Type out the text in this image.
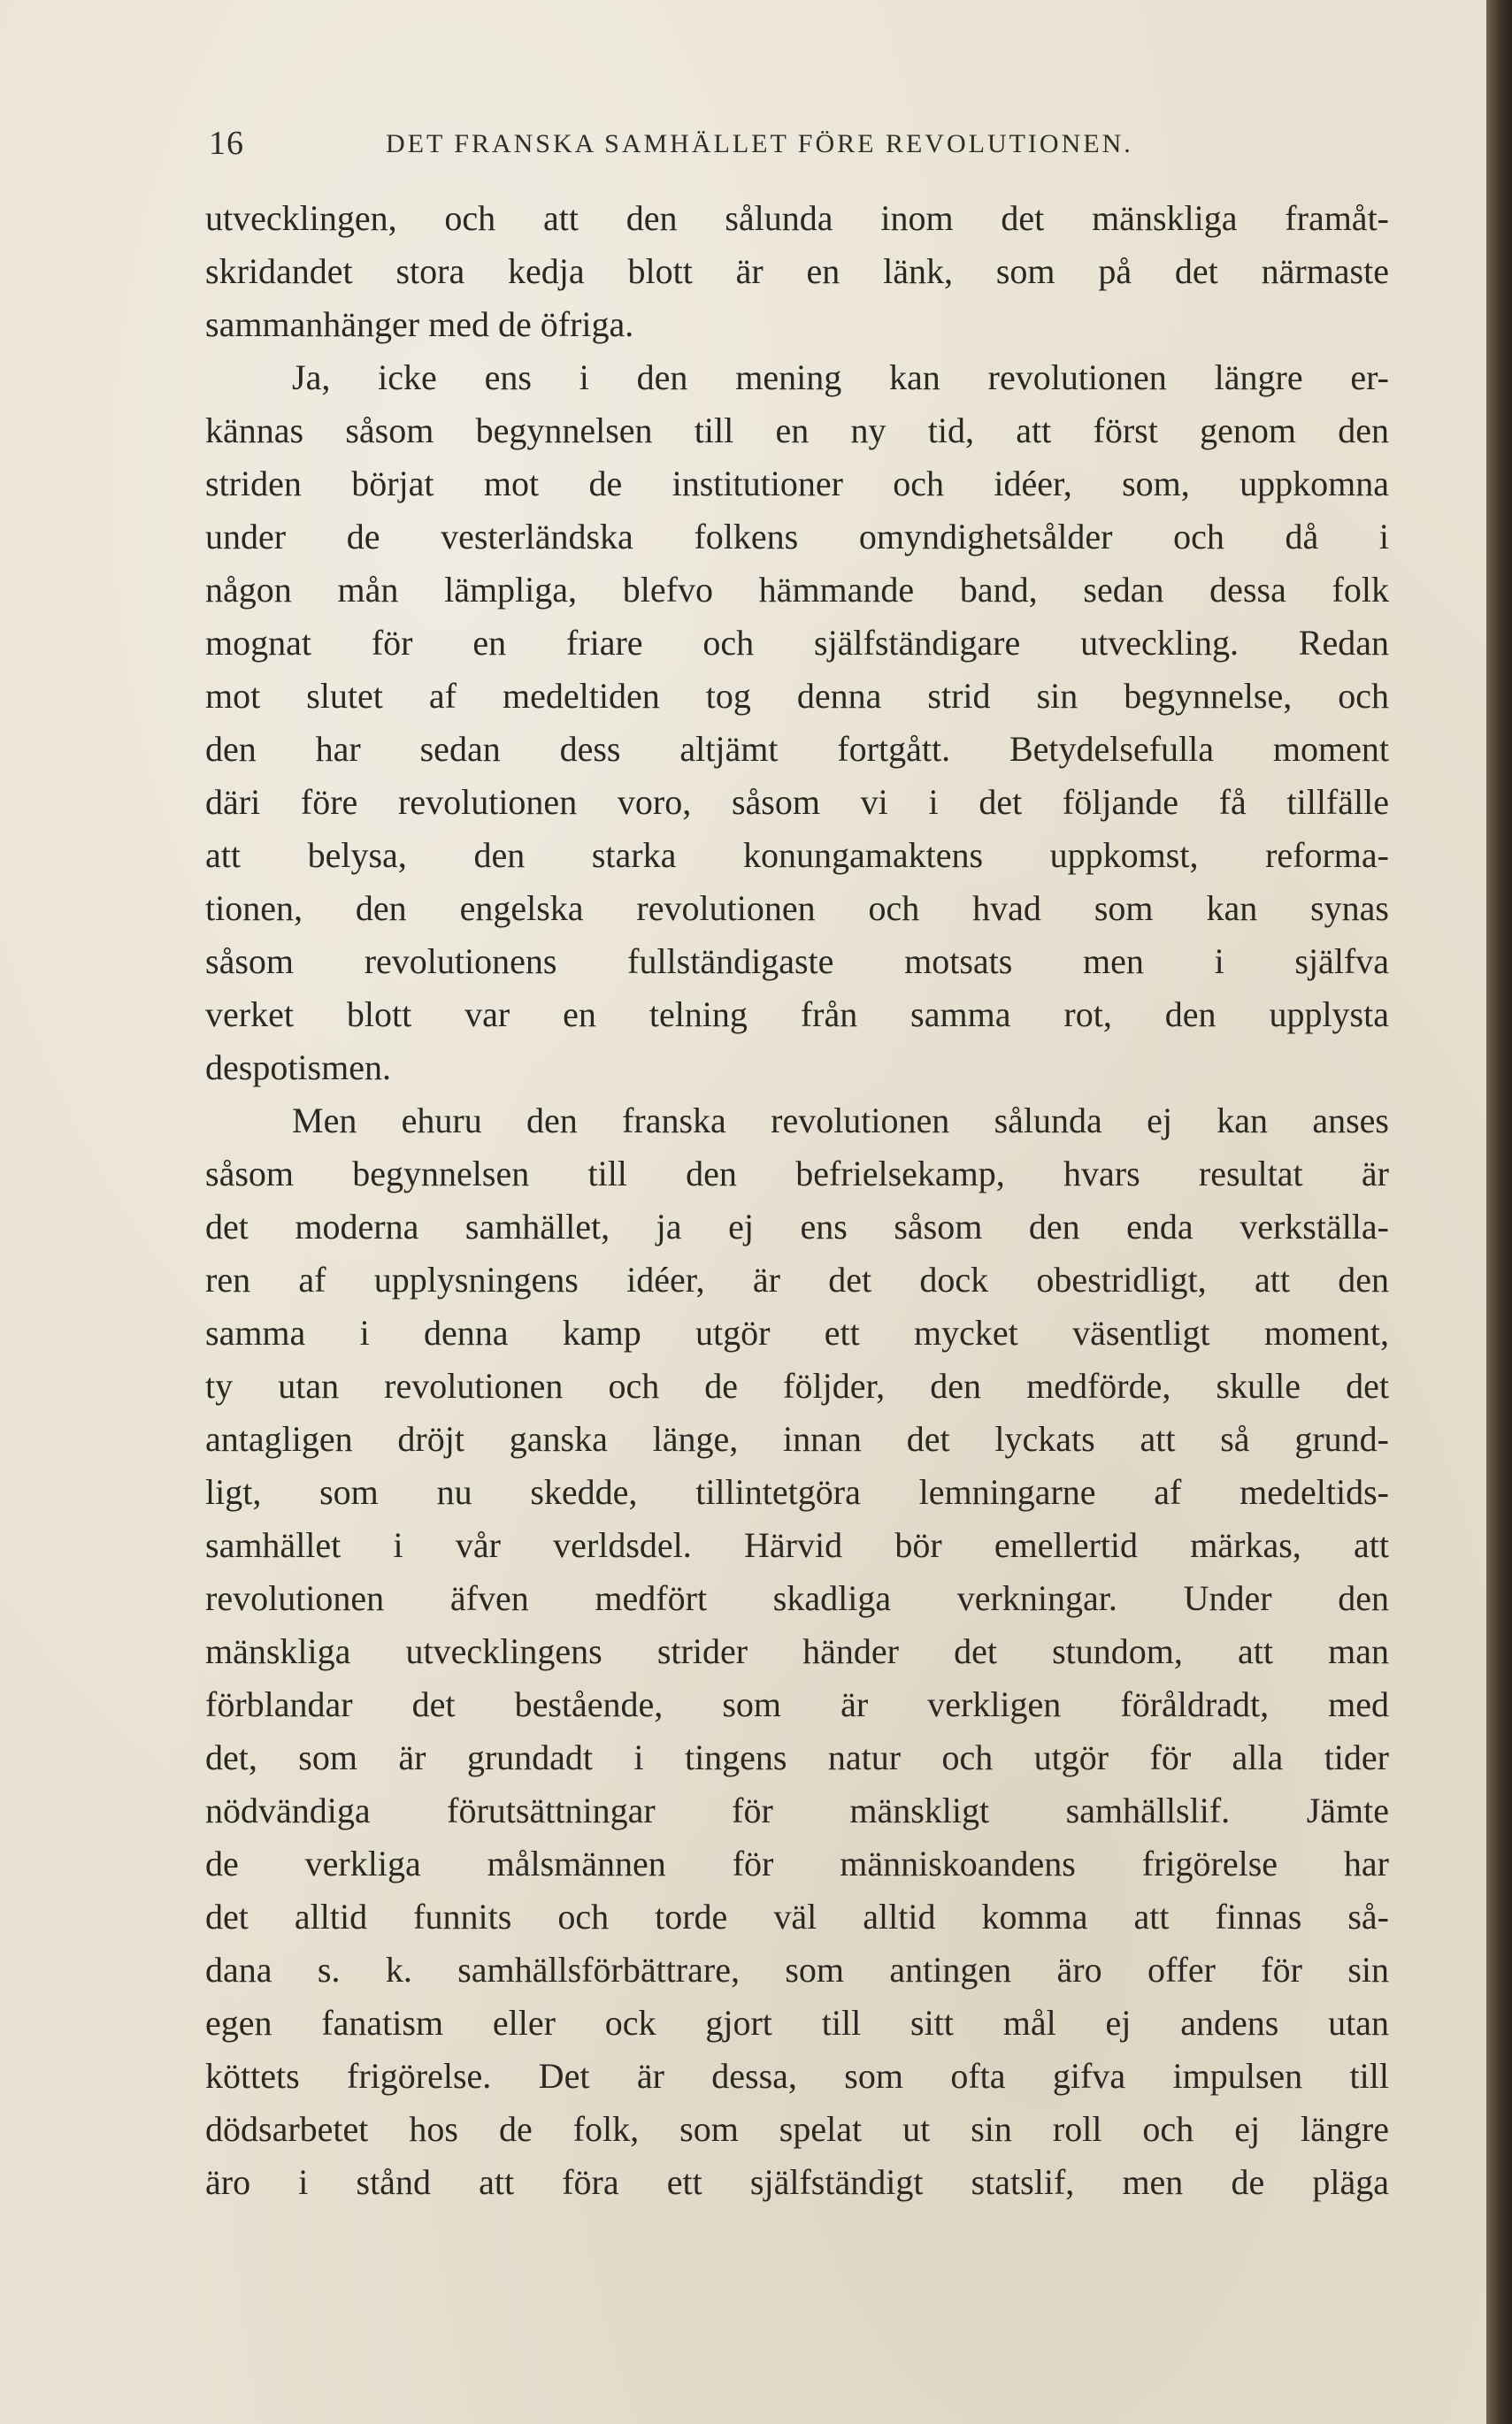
16	DET FRANSKA SAMHÄLLET FÖRE REVOLUTIONEN.
utvecklingen, och att den sålunda inom det mänskliga framåt-
skridandet stora kedja blott är en länk, som på det närmaste
sammanhänger med de öfriga.
Ja, icke ens i den mening kan revolutionen längre er-
kännas såsom begynnelsen till en ny tid, att först genom den
striden börjat mot de institutioner och idéer, som, uppkomna
under de vesterländska folkens omyndighetsålder och då i
någon mån lämpliga, blefvo hämmande band, sedan dessa folk
mognat för en friare och själfständigare utveckling. Redan
mot slutet af medeltiden tog denna strid sin begynnelse, och
den har sedan dess altjämt fortgått. Betydelsefulla moment
däri före revolutionen voro, såsom vi i det följande få tillfälle
att belysa, den starka konungamaktens uppkomst, reforma-
tionen, den engelska revolutionen och hvad som kan synas
såsom revolutionens fullständigaste motsats men i själfva
verket blott var en telning från samma rot, den upplysta
despotismen.
Men ehuru den franska revolutionen sålunda ej kan anses
såsom begynnelsen till den befrielsekamp, hvars resultat är
det moderna samhället, ja ej ens såsom den enda verkställa-
ren af upplysningens idéer, är det dock obestridligt, att den
samma i denna kamp utgör ett mycket väsentligt moment,
ty utan revolutionen och de följder, den medförde, skulle det
antagligen dröjt ganska länge, innan det lyckats att så grund-
ligt, som nu skedde, tillintetgöra lemningarne af medeltids-
samhället i vår verldsdel. Härvid bör emellertid märkas, att
revolutionen äfven medfört skadliga verkningar. Under den
mänskliga utvecklingens strider händer det stundom, att man
förblandar det bestående, som är verkligen föråldradt, med
det, som är grundadt i tingens natur och utgör för alla tider
nödvändiga förutsättningar för mänskligt samhällslif. Jämte
de verkliga målsmännen för människoandens frigörelse har
det alltid funnits och torde väl alltid komma att finnas så-
dana s. k. samhällsförbättrare, som antingen äro offer för sin
egen fanatism eller ock gjort till sitt mål ej andens utan
köttets frigörelse. Det är dessa, som ofta gifva impulsen till
dödsarbetet hos de folk, som spelat ut sin roll och ej längre
äro i stånd att föra ett själfständigt statslif, men de pläga
